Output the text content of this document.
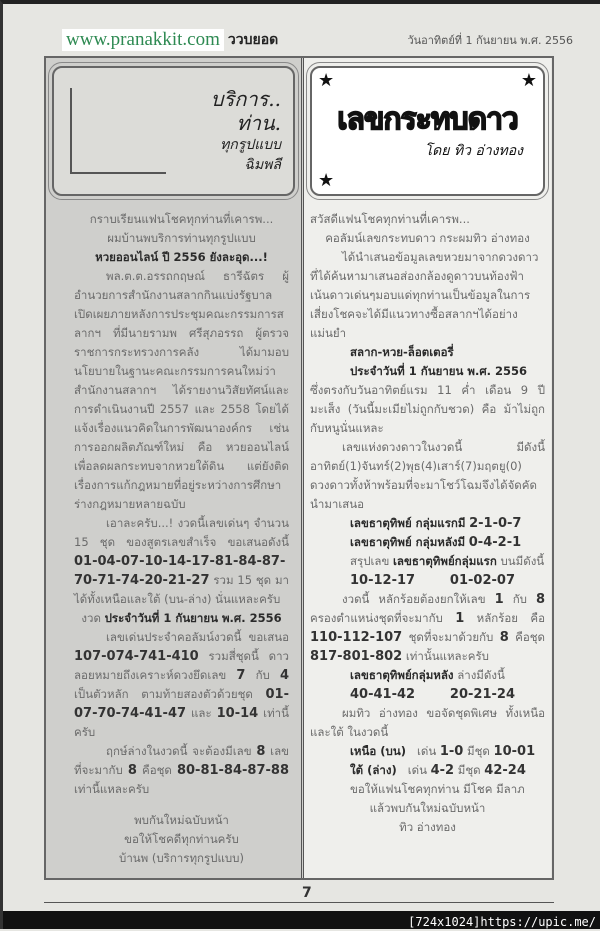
www.pranakkit.com ววบยอด	วันอาทิตย์ที่ 1 กันยายน พ.ศ. 2556
บริการ..
ท่าน.
ทุกรูปแบบ
ฉิมพลี

กราบเรียนแฟนโชคทุกท่านที่เคารพ...

ผมบ้านพบริการท่านทุกรูปแบบ

หวยออนไลน์ ปี 2556 ยังละอุด...!

พล.ต.ต.อรรถกฤษณ์ ธารีฉัตร ผู้อำนวยการสำนักงานสลากกินแบ่งรัฐบาล เปิดเผยภายหลังการประชุมคณะกรรมการสลากฯ ที่มีนายรามพ ศรีสุภอรรถ ผู้ตรวจราชการกระทรวงการคลัง ได้มามอบนโยบายในฐานะคณะกรรมการคนใหม่ว่า สำนักงานสลากฯ ได้รายงานวิสัยทัศน์และการดำเนินงานปี 2557 และ 2558 โดยได้แจ้งเรื่องแนวคิดในการพัฒนาองค์กร เช่น การออกผลิตภัณฑ์ใหม่ คือ หวยออนไลน์ เพื่อลดผลกระทบจากหวยใต้ดิน แต่ยังติดเรื่องการแก้กฎหมายที่อยู่ระหว่างการศึกษาร่างกฎหมายหลายฉบับ

เอาละครับ...! งวดนี้เลขเด่นๆ จำนวน 15 ชุด ของสูตรเลขสำเร็จ ขอเสนอดังนี้ 01-04-07-10-14-17-81-84-87-70-71-74-20-21-27 รวม 15 ชุด มาได้ทั้งเหนือและใต้ (บน-ล่าง) นั่นแหละครับ

งวด ประจำวันที่ 1 กันยายน พ.ศ. 2556

เลขเด่นประจำคอลัมน์งวดนี้ ขอเสนอ 107-074-741-410 รวมสี่ชุดนี้ ดาวลอยหมายถึงเคราะห์ดวงยึดเลข 7 กับ 4 เป็นตัวหลัก ตามท้ายสองตัวด้วยชุด 01-07-70-74-41-47 และ 10-14 เท่านี้ครับ

ฤกษ์ล่างในงวดนี้ จะต้องมีเลข 8 เลขที่จะมากับ 8 คือชุด 80-81-84-87-88 เท่านี้แหละครับ

พบกันใหม่ฉบับหน้า

ขอให้โชคดีทุกท่านครับ

บ้านพ (บริการทุกรูปแบบ)

★	★
★
เลขกระทบดาว
โดย ทิว อ่างทอง

สวัสดีแฟนโชคทุกท่านที่เคารพ...

คอลัมน์เลขกระทบดาว กระผมทิว อ่างทอง

ได้นำเสนอข้อมูลเลขหวยมาจากดวงดาวที่ได้ค้นหามาเสนอส่องกล้องดูดาวบนท้องฟ้า เน้นดาวเด่นๆมอบแด่ทุกท่านเป็นข้อมูลในการเสี่ยงโชคจะได้มีแนวทางซื้อสลากฯได้อย่างแม่นยำ

สลาก-หวย-ล็อตเตอรี่

ประจำวันที่ 1 กันยายน พ.ศ. 2556

ซึ่งตรงกับวันอาทิตย์แรม 11 ค่ำ เดือน 9 ปีมะเส็ง (วันนี้มะเมียไม่ถูกกับชวด) คือ ม้าไม่ถูกกับหนูนั่นแหละ

เลขแห่งดวงดาวในงวดนี้ มีดังนี้ อาทิตย์(1)จันทร์(2)พุธ(4)เสาร์(7)มฤตยู(0) ดวงดาวทั้งห้าพร้อมที่จะมาโชว์โฉมจึงได้จัดคัดนำมาเสนอ

เลขธาตุทิพย์ กลุ่มแรกมี 2-1-0-7

เลขธาตุทิพย์ กลุ่มหลังมี 0-4-2-1

สรุปเลข เลขธาตุทิพย์กลุ่มแรก บนมีดังนี้

10-12-17	01-02-07

งวดนี้ หลักร้อยต้องยกให้เลข 1 กับ 8 ครองตำแหน่งชุดที่จะมากับ 1 หลักร้อย คือ 110-112-107 ชุดที่จะมาด้วยกับ 8 คือชุด 817-801-802 เท่านั้นแหละครับ

เลขธาตุทิพย์กลุ่มหลัง ล่างมีดังนี้

40-41-42	20-21-24

ผมทิว อ่างทอง ขอจัดชุดพิเศษ ทั้งเหนือและใต้ ในงวดนี้

เหนือ (บน) เด่น 1-0 มีชุด 10-01

ใต้ (ล่าง) เด่น 4-2 มีชุด 42-24

ขอให้แฟนโชคทุกท่าน มีโชค มีลาภ

แล้วพบกันใหม่ฉบับหน้า

ทิว อ่างทอง

7
[724x1024]https://upic.me/
